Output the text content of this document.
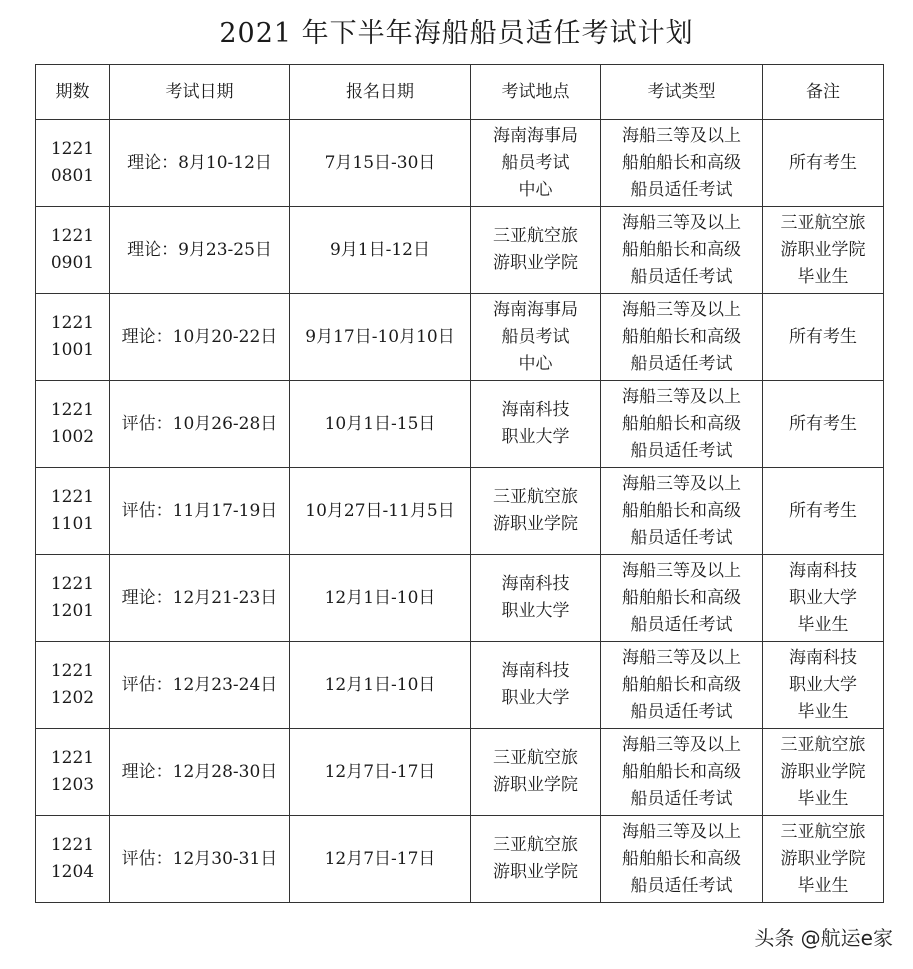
2021 年下半年海船船员适任考试计划
期数	考试日期	报名日期	考试地点	考试类型	备注
1221
0801	理论：8月10-12日	7月15日-30日	海南海事局
船员考试
中心	海船三等及以上
船舶船长和高级
船员适任考试	所有考生
1221
0901	理论：9月23-25日	9月1日-12日	三亚航空旅
游职业学院	海船三等及以上
船舶船长和高级
船员适任考试	三亚航空旅
游职业学院
毕业生
1221
1001	理论：10月20-22日	9月17日-10月10日	海南海事局
船员考试
中心	海船三等及以上
船舶船长和高级
船员适任考试	所有考生
1221
1002	评估：10月26-28日	10月1日-15日	海南科技
职业大学	海船三等及以上
船舶船长和高级
船员适任考试	所有考生
1221
1101	评估：11月17-19日	10月27日-11月5日	三亚航空旅
游职业学院	海船三等及以上
船舶船长和高级
船员适任考试	所有考生
1221
1201	理论：12月21-23日	12月1日-10日	海南科技
职业大学	海船三等及以上
船舶船长和高级
船员适任考试	海南科技
职业大学
毕业生
1221
1202	评估：12月23-24日	12月1日-10日	海南科技
职业大学	海船三等及以上
船舶船长和高级
船员适任考试	海南科技
职业大学
毕业生
1221
1203	理论：12月28-30日	12月7日-17日	三亚航空旅
游职业学院	海船三等及以上
船舶船长和高级
船员适任考试	三亚航空旅
游职业学院
毕业生
1221
1204	评估：12月30-31日	12月7日-17日	三亚航空旅
游职业学院	海船三等及以上
船舶船长和高级
船员适任考试	三亚航空旅
游职业学院
毕业生
头条 @航运e家
